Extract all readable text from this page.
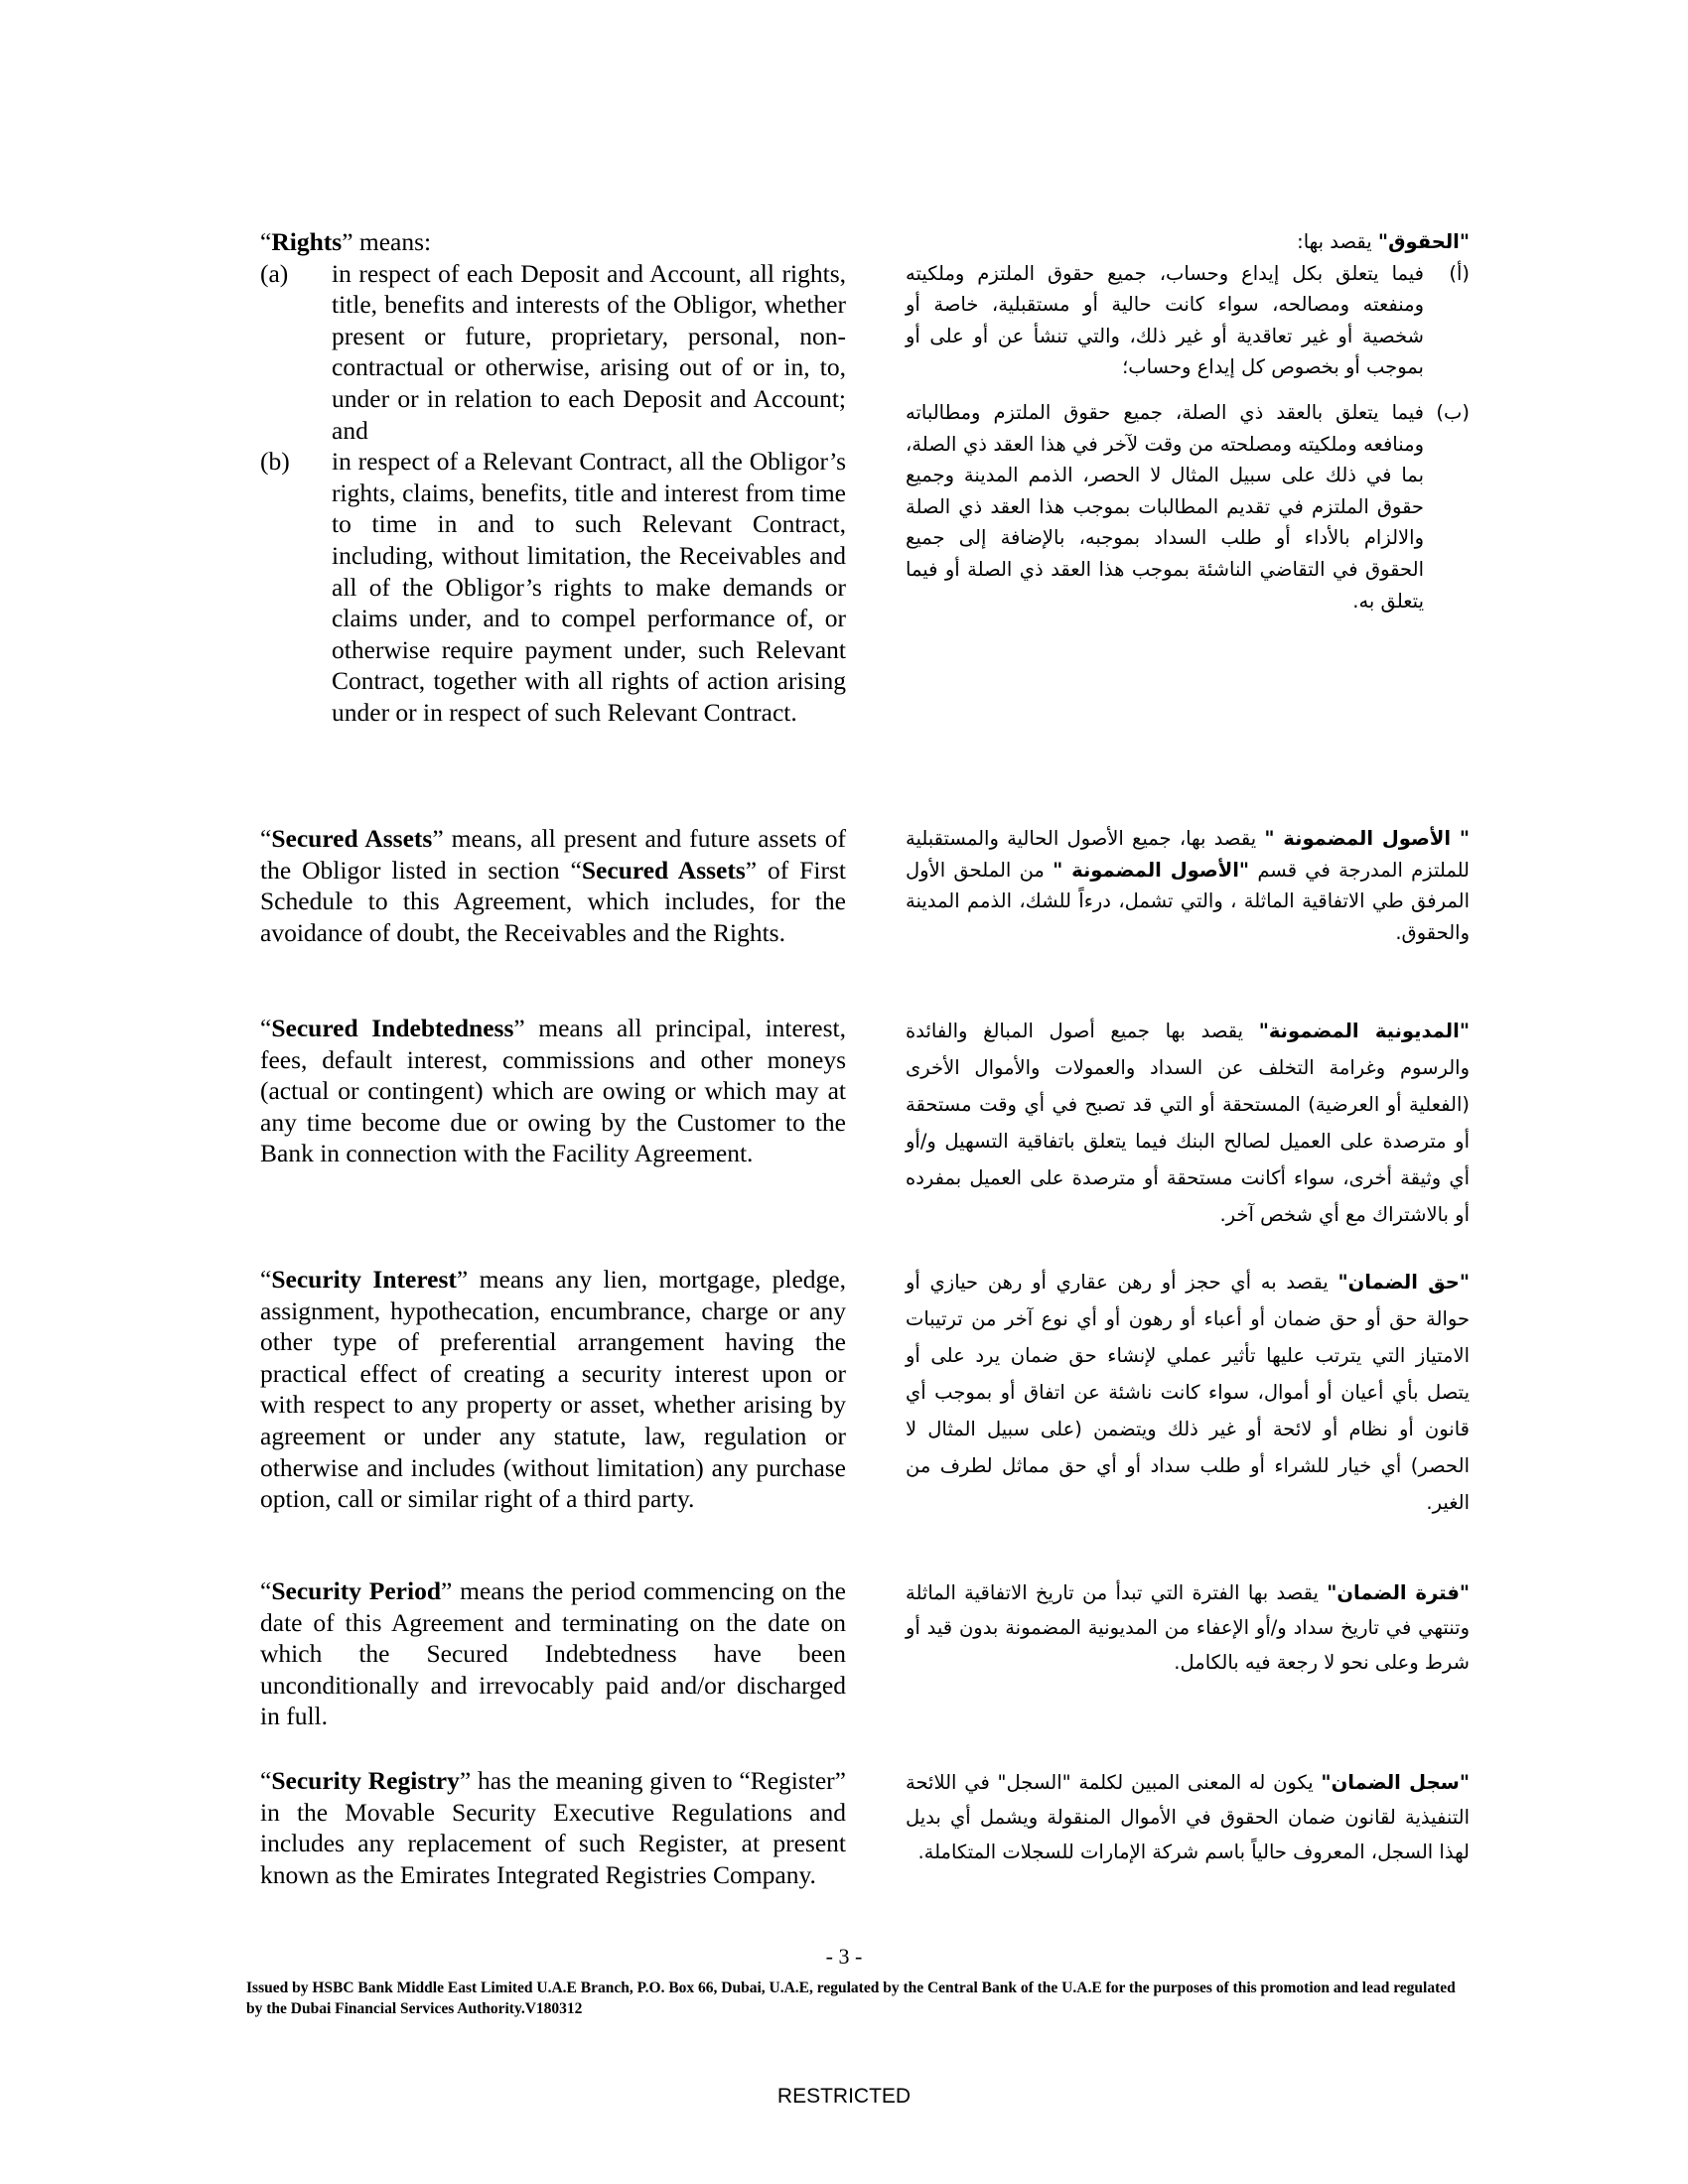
“Rights” means:
(a)	in respect of each Deposit and Account, all rights, title, benefits and interests of the Obligor, whether present or future, proprietary, personal, non-contractual or otherwise, arising out of or in, to, under or in relation to each Deposit and Account; and
(b)	in respect of a Relevant Contract, all the Obligor’s rights, claims, benefits, title and interest from time to time in and to such Relevant Contract, including, without limitation, the Receivables and all of the Obligor’s rights to make demands or claims under, and to compel performance of, or otherwise require payment under, such Relevant Contract, together with all rights of action arising under or in respect of such Relevant Contract.
"الحقوق" يقصد بها:
(أ)
فيما يتعلق بكل إيداع وحساب، جميع حقوق الملتزم وملكيته ومنفعته ومصالحه، سواء كانت حالية أو مستقبلية، خاصة أو شخصية أو غير تعاقدية أو غير ذلك، والتي تنشأ عن أو على أو بموجب أو بخصوص كل إيداع وحساب؛
(ب)
فيما يتعلق بالعقد ذي الصلة، جميع حقوق الملتزم ومطالباته ومنافعه وملكيته ومصلحته من وقت لآخر في هذا العقد ذي الصلة، بما في ذلك على سبيل المثال لا الحصر، الذمم المدينة وجميع حقوق الملتزم في تقديم المطالبات بموجب هذا العقد ذي الصلة والالزام بالأداء أو طلب السداد بموجبه، بالإضافة إلى جميع الحقوق في التقاضي الناشئة بموجب هذا العقد ذي الصلة أو فيما يتعلق به.
“Secured Assets” means, all present and future assets of the Obligor listed in section “Secured Assets” of First Schedule to this Agreement, which includes, for the avoidance of doubt, the Receivables and the Rights.
" الأصول المضمونة " يقصد بها، جميع الأصول الحالية والمستقبلية للملتزم المدرجة في قسم "الأصول المضمونة " من الملحق الأول المرفق طي الاتفاقية الماثلة ، والتي تشمل، درءاً للشك، الذمم المدينة والحقوق.
“Secured Indebtedness” means all principal, interest, fees, default interest, commissions and other moneys (actual or contingent) which are owing or which may at any time become due or owing by the Customer to the Bank in connection with the Facility Agreement.
"المديونية المضمونة" يقصد بها جميع أصول المبالغ والفائدة والرسوم وغرامة التخلف عن السداد والعمولات والأموال الأخرى (الفعلية أو العرضية) المستحقة أو التي قد تصبح في أي وقت مستحقة أو مترصدة على العميل لصالح البنك فيما يتعلق باتفاقية التسهيل و/أو أي وثيقة أخرى، سواء أكانت مستحقة أو مترصدة على العميل بمفرده أو بالاشتراك مع أي شخص آخر.
“Security Interest” means any lien, mortgage, pledge, assignment, hypothecation, encumbrance, charge or any other type of preferential arrangement having the practical effect of creating a security interest upon or with respect to any property or asset, whether arising by agreement or under any statute, law, regulation or otherwise and includes (without limitation) any purchase option, call or similar right of a third party.
"حق الضمان" يقصد به أي حجز أو رهن عقاري أو رهن حيازي أو حوالة حق أو حق ضمان أو أعباء أو رهون أو أي نوع آخر من ترتيبات الامتياز التي يترتب عليها تأثير عملي لإنشاء حق ضمان يرد على أو يتصل بأي أعيان أو أموال، سواء كانت ناشئة عن اتفاق أو بموجب أي قانون أو نظام أو لائحة أو غير ذلك ويتضمن (على سبيل المثال لا الحصر) أي خيار للشراء أو طلب سداد أو أي حق مماثل لطرف من الغير.
“Security Period” means the period commencing on the date of this Agreement and terminating on the date on which the Secured Indebtedness have been unconditionally and irrevocably paid and/or discharged in full.
"فترة الضمان" يقصد بها الفترة التي تبدأ من تاريخ الاتفاقية الماثلة وتنتهي في تاريخ سداد و/أو الإعفاء من المديونية المضمونة بدون قيد أو شرط وعلى نحو لا رجعة فيه بالكامل.
“Security Registry” has the meaning given to “Register” in the Movable Security Executive Regulations and includes any replacement of such Register, at present known as the Emirates Integrated Registries Company.
"سجل الضمان" يكون له المعنى المبين لكلمة "السجل" في اللائحة التنفيذية لقانون ضمان الحقوق في الأموال المنقولة ويشمل أي بديل لهذا السجل، المعروف حالياً باسم شركة الإمارات للسجلات المتكاملة.
- 3 -
Issued by HSBC Bank Middle East Limited U.A.E Branch, P.O. Box 66, Dubai, U.A.E, regulated by the Central Bank of the U.A.E for the purposes of this promotion and lead regulated by the Dubai Financial Services Authority.V180312
RESTRICTED
